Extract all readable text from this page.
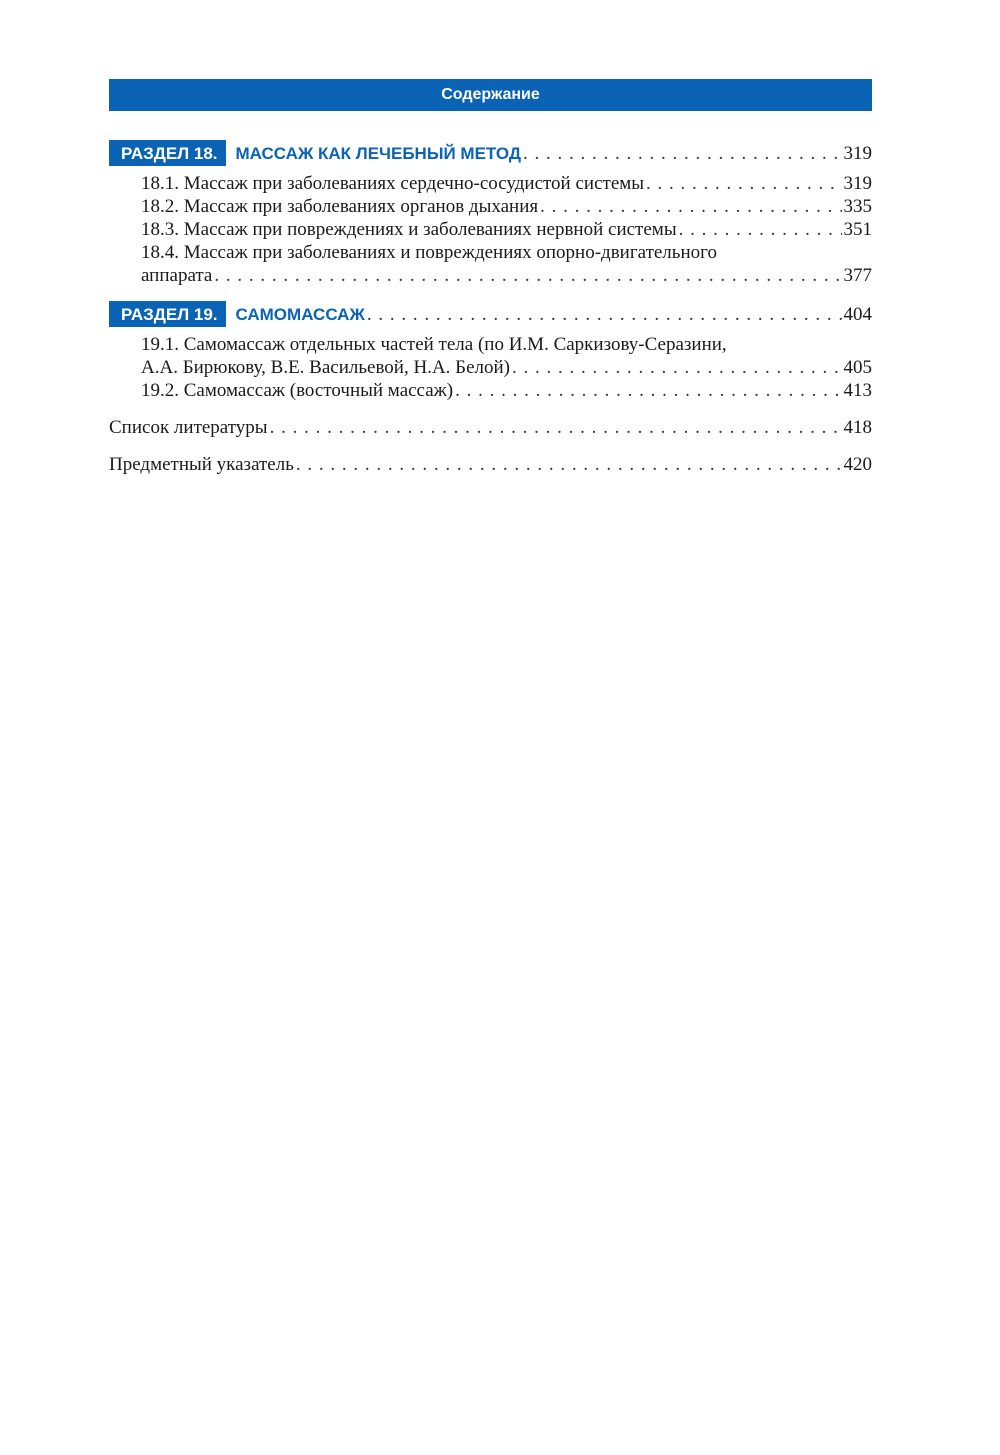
Содержание
РАЗДЕЛ 18.	МАССАЖ КАК ЛЕЧЕБНЫЙ МЕТОД . . .	319
18.1. Массаж при заболеваниях сердечно-сосудистой системы . . .	319
18.2. Массаж при заболеваниях органов дыхания . . .	335
18.3. Массаж при повреждениях и заболеваниях нервной системы . . .	351
18.4. Массаж при заболеваниях и повреждениях опорно-двигательного
аппарата . . .	377
РАЗДЕЛ 19.	САМОМАССАЖ . . .	404
19.1. Самомассаж отдельных частей тела (по И.М. Саркизову-Серазини,
А.А. Бирюкову, В.Е. Васильевой, Н.А. Белой) . . .	405
19.2. Самомассаж (восточный массаж) . . .	413
Список литературы . . .	418
Предметный указатель . . .	420
